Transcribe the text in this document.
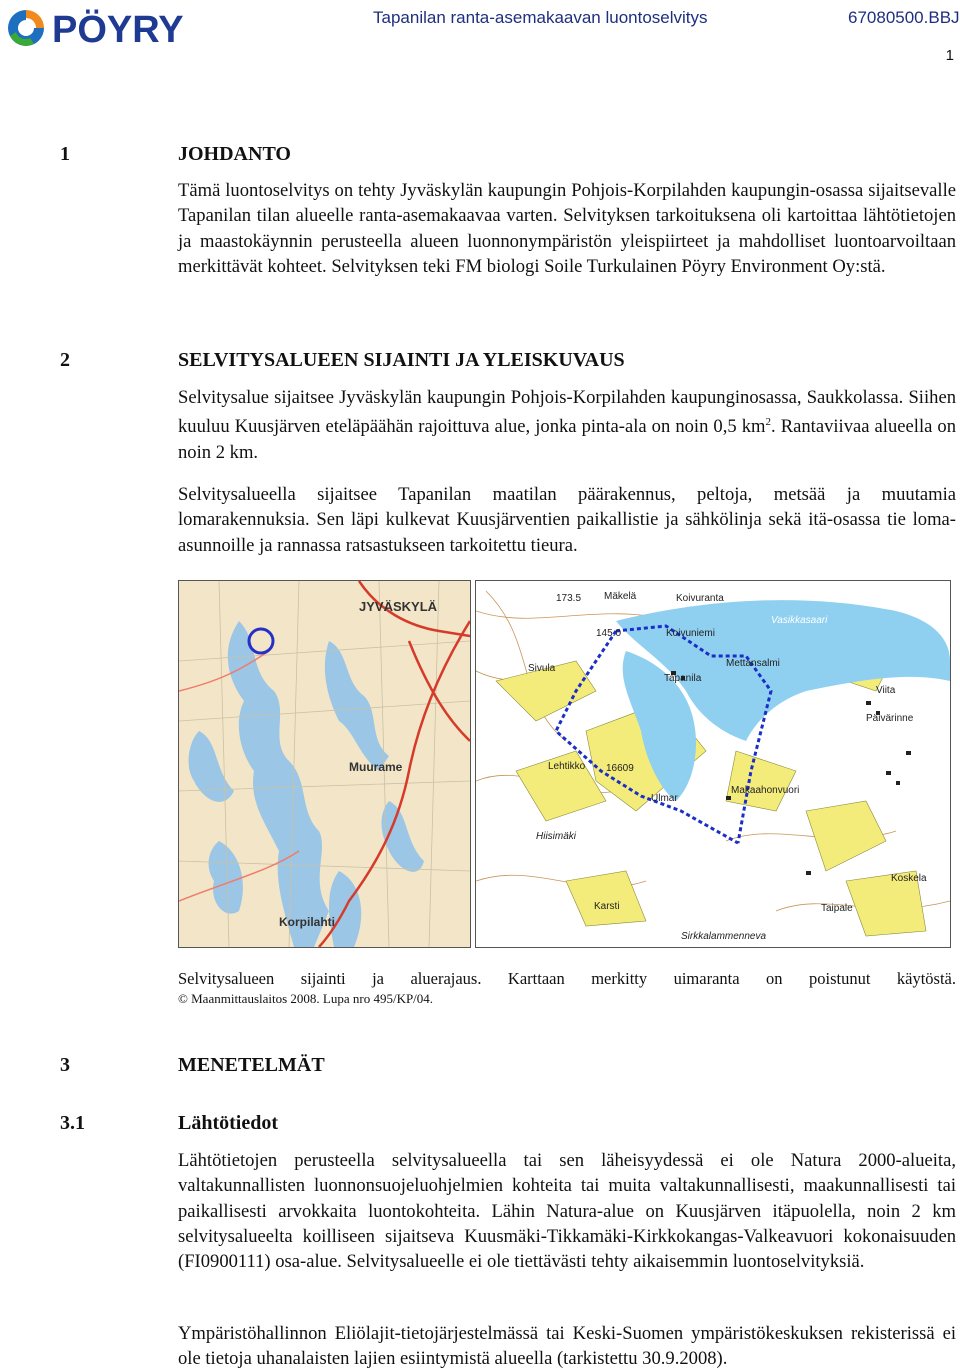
PÖYRY	Tapanilan ranta-asemakaavan luontoselvitys	67080500.BBJ
1
1	JOHDANTO
Tämä luontoselvitys on tehty Jyväskylän kaupungin Pohjois-Korpilahden kaupungin-osassa sijaitsevalle Tapanilan tilan alueelle ranta-asemakaavaa varten. Selvityksen tarkoituksena oli kartoittaa lähtötietojen ja maastokäynnin perusteella alueen luonnonympäristön yleispiirteet ja mahdolliset luontoarvoiltaan merkittävät kohteet. Selvityksen teki FM biologi Soile Turkulainen Pöyry Environment Oy:stä.
2	SELVITYSALUEEN SIJAINTI JA YLEISKUVAUS
Selvitysalue sijaitsee Jyväskylän kaupungin Pohjois-Korpilahden kaupunginosassa, Saukkolassa. Siihen kuuluu Kuusjärven eteläpäähän rajoittuva alue, jonka pinta-ala on noin 0,5 $km^2$. Rantaviivaa alueella on noin 2 km.
Selvitysalueella sijaitsee Tapanilan maatilan päärakennus, peltoja, metsää ja muutamia lomarakennuksia. Sen läpi kulkevat Kuusjärventien paikallistie ja sähkölinja sekä itä-osassa tie loma-asunnoille ja rannassa ratsastukseen tarkoitettu tieura.
JYVÄSKYLÄ
Muurame
Korpilahti
Mäkelä	Koivuranta
Koivuniemi
Vasikkasaari
Mettansalmi
Tapanila
Sivula
Viita
Päivärinne
Lehtikko
Ulmar
Makaahonvuori
Hiisimäki
Koskela
Karsti	Taipale
Sirkkalammenneva
173.5
145.0
16609
Selvitysalueen sijainti ja aluerajaus. Karttaan merkitty uimaranta on poistunut käytöstä.
© Maanmittauslaitos 2008. Lupa nro 495/KP/04.
3	MENETELMÄT
3.1	Lähtötiedot
Lähtötietojen perusteella selvitysalueella tai sen läheisyydessä ei ole Natura 2000-alueita, valtakunnallisten luonnonsuojeluohjelmien kohteita tai muita valtakunnallisesti, maakunnallisesti tai paikallisesti arvokkaita luontokohteita. Lähin Natura-alue on Kuusjärven itäpuolella, noin 2 km selvitysalueelta koilliseen sijaitseva Kuusmäki-Tikkamäki-Kirkkokangas-Valkeavuori kokonaisuuden (FI0900111) osa-alue. Selvitysalueelle ei ole tiettävästi tehty aikaisemmin luontoselvityksiä.
Ympäristöhallinnon Eliölajit-tietojärjestelmässä tai Keski-Suomen ympäristökeskuksen rekisterissä ei ole tietoja uhanalaisten lajien esiintymistä alueella (tarkistettu 30.9.2008).
